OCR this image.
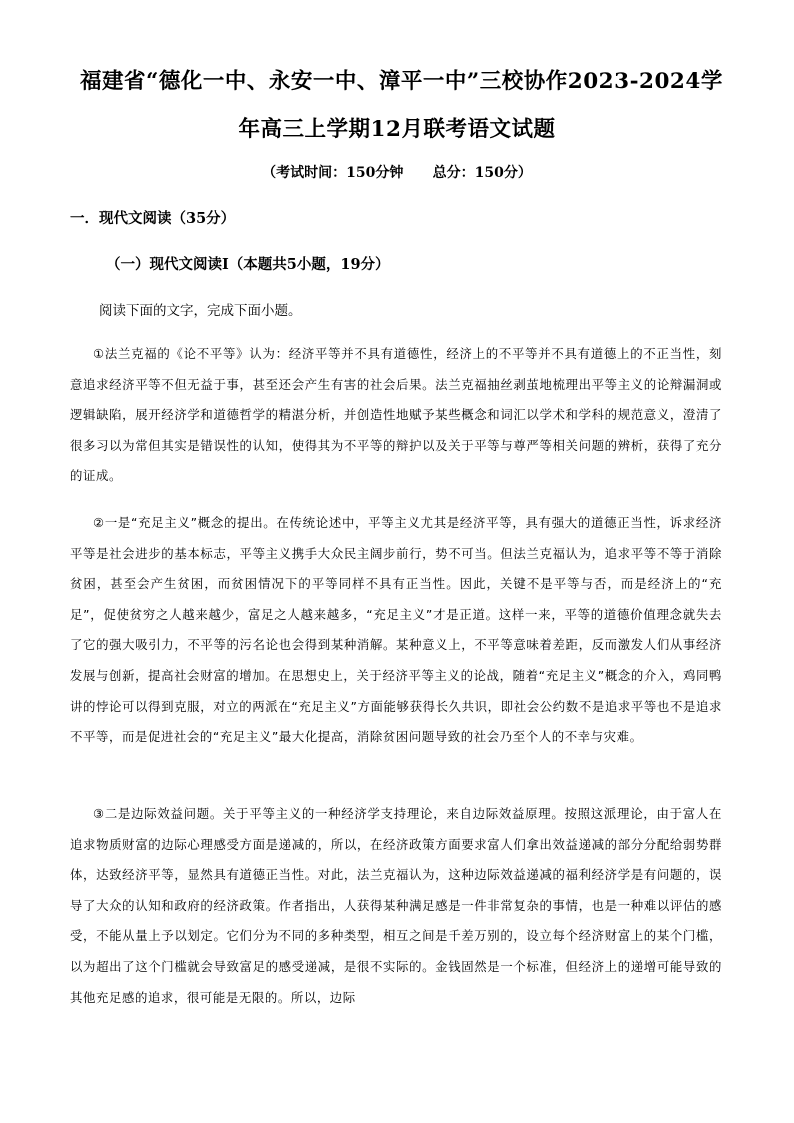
福建省“德化一中、永安一中、漳平一中”三校协作2023-2024学
年高三上学期12月联考语文试题
（考试时间：150分钟      总分：150分）
一．现代文阅读（35分）
（一）现代文阅读Ⅰ（本题共5小题，19分）
阅读下面的文字，完成下面小题。

①法兰克福的《论不平等》认为：经济平等并不具有道德性，经济上的不平等并不具有道德上的不正当性，刻意追求经济平等不但无益于事，甚至还会产生有害的社会后果。法兰克福抽丝剥茧地梳理出平等主义的论辩漏洞或逻辑缺陷，展开经济学和道德哲学的精湛分析，并创造性地赋予某些概念和词汇以学术和学科的规范意义，澄清了很多习以为常但其实是错误性的认知，使得其为不平等的辩护以及关于平等与尊严等相关问题的辨析，获得了充分的证成。

②一是“充足主义”概念的提出。在传统论述中，平等主义尤其是经济平等，具有强大的道德正当性，诉求经济平等是社会进步的基本标志，平等主义携手大众民主阔步前行，势不可当。但法兰克福认为，追求平等不等于消除贫困，甚至会产生贫困，而贫困情况下的平等同样不具有正当性。因此，关键不是平等与否，而是经济上的“充足”，促使贫穷之人越来越少，富足之人越来越多，“充足主义”才是正道。这样一来，平等的道德价值理念就失去了它的强大吸引力，不平等的污名论也会得到某种消解。某种意义上，不平等意味着差距，反而激发人们从事经济发展与创新，提高社会财富的增加。在思想史上，关于经济平等主义的论战，随着“充足主义”概念的介入，鸡同鸭讲的悖论可以得到克服，对立的两派在“充足主义”方面能够获得长久共识，即社会公约数不是追求平等也不是追求不平等，而是促进社会的“充足主义”最大化提高，消除贫困问题导致的社会乃至个人的不幸与灾难。

③二是边际效益问题。关于平等主义的一种经济学支持理论，来自边际效益原理。按照这派理论，由于富人在追求物质财富的边际心理感受方面是递减的，所以，在经济政策方面要求富人们拿出效益递减的部分分配给弱势群体，达致经济平等，显然具有道德正当性。对此，法兰克福认为，这种边际效益递减的福利经济学是有问题的，误导了大众的认知和政府的经济政策。作者指出，人获得某种满足感是一件非常复杂的事情，也是一种难以评估的感受，不能从量上予以划定。它们分为不同的多种类型，相互之间是千差万别的，设立每个经济财富上的某个门槛，以为超出了这个门槛就会导致富足的感受递减，是很不实际的。金钱固然是一个标准，但经济上的递增可能导致的其他充足感的追求，很可能是无限的。所以，边际
